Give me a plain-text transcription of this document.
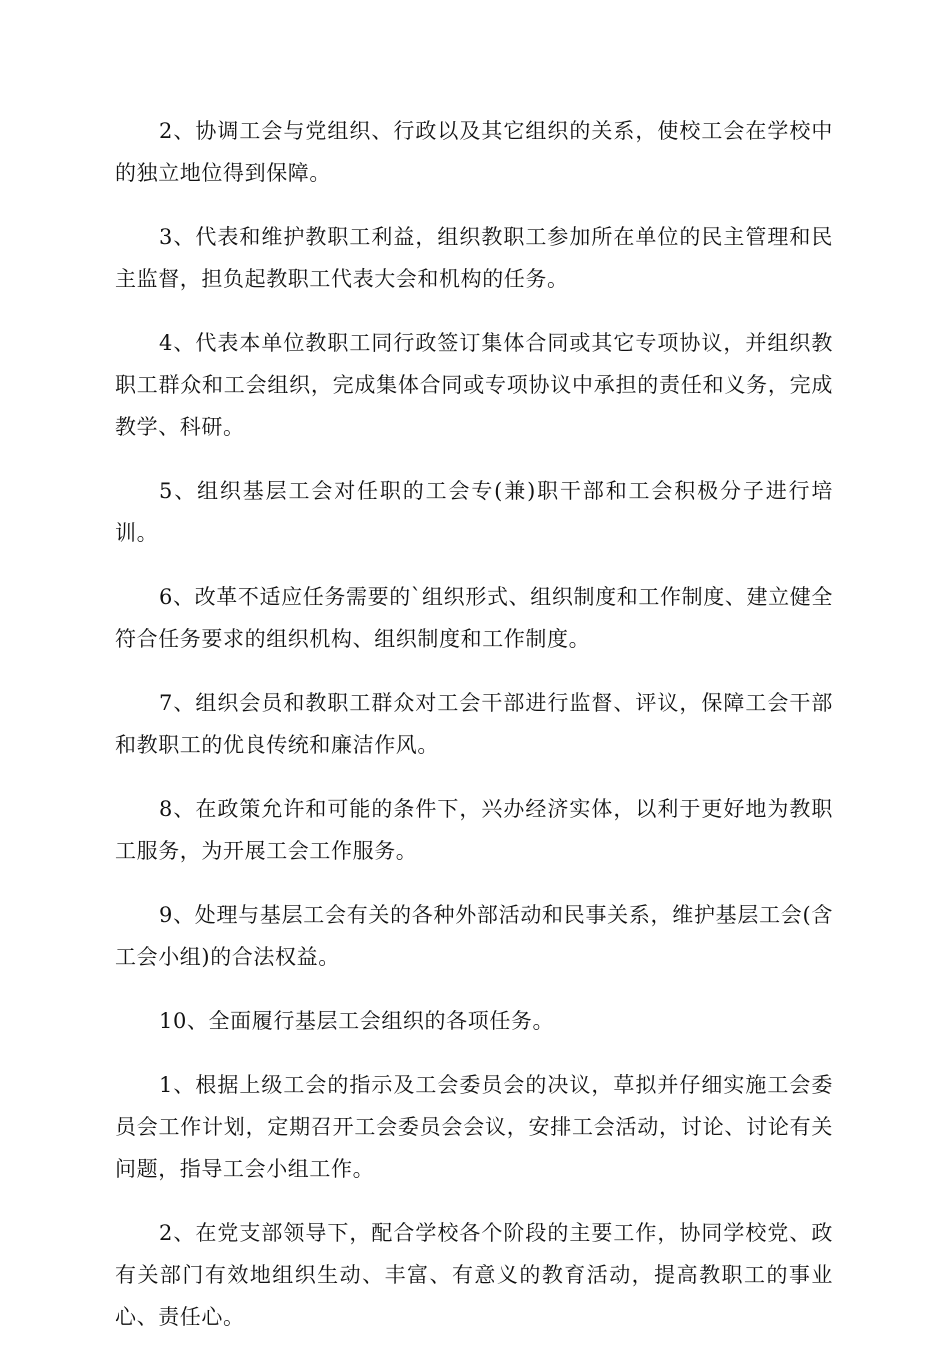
2、协调工会与党组织、行政以及其它组织的关系，使校工会在学校中的独立地位得到保障。

3、代表和维护教职工利益，组织教职工参加所在单位的民主管理和民主监督，担负起教职工代表大会和机构的任务。

4、代表本单位教职工同行政签订集体合同或其它专项协议，并组织教职工群众和工会组织，完成集体合同或专项协议中承担的责任和义务，完成教学、科研。

5、组织基层工会对任职的工会专(兼)职干部和工会积极分子进行培训。

6、改革不适应任务需要的`组织形式、组织制度和工作制度、建立健全符合任务要求的组织机构、组织制度和工作制度。

7、组织会员和教职工群众对工会干部进行监督、评议，保障工会干部和教职工的优良传统和廉洁作风。

8、在政策允许和可能的条件下，兴办经济实体，以利于更好地为教职工服务，为开展工会工作服务。

9、处理与基层工会有关的各种外部活动和民事关系，维护基层工会(含工会小组)的合法权益。

10、全面履行基层工会组织的各项任务。

1、根据上级工会的指示及工会委员会的决议，草拟并仔细实施工会委员会工作计划，定期召开工会委员会会议，安排工会活动，讨论、讨论有关问题，指导工会小组工作。

2、在党支部领导下，配合学校各个阶段的主要工作，协同学校党、政有关部门有效地组织生动、丰富、有意义的教育活动，提高教职工的事业心、责任心。
